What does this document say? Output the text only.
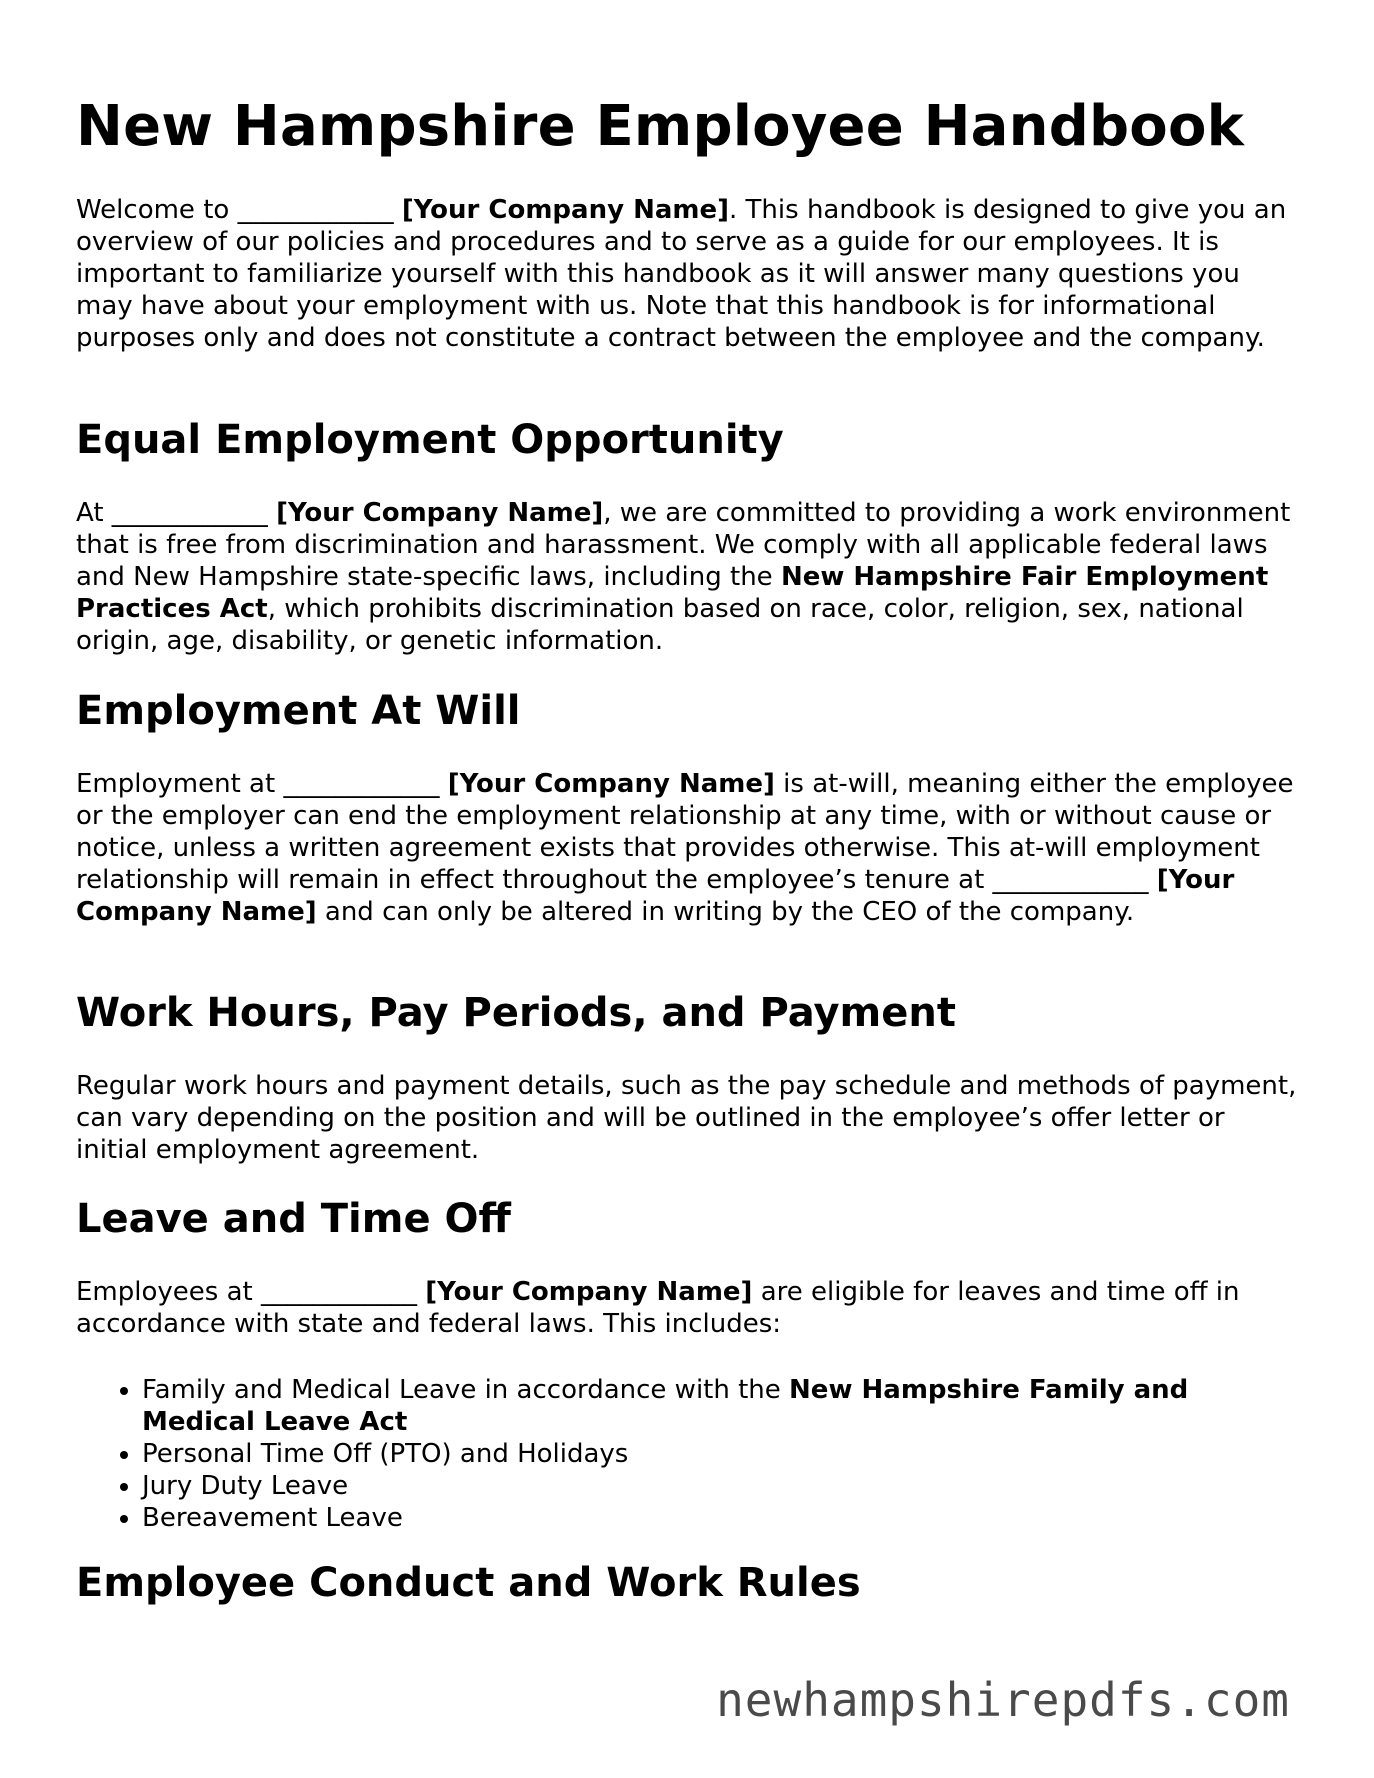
New Hampshire Employee Handbook

Welcome to ____________ [Your Company Name]. This handbook is designed to give you an overview of our policies and procedures and to serve as a guide for our employees. It is important to familiarize yourself with this handbook as it will answer many questions you may have about your employment with us. Note that this handbook is for informational purposes only and does not constitute a contract between the employee and the company.

Equal Employment Opportunity

At ____________ [Your Company Name], we are committed to providing a work environment that is free from discrimination and harassment. We comply with all applicable federal laws and New Hampshire state-specific laws, including the New Hampshire Fair Employment Practices Act, which prohibits discrimination based on race, color, religion, sex, national origin, age, disability, or genetic information.

Employment At Will

Employment at ____________ [Your Company Name] is at-will, meaning either the employee or the employer can end the employment relationship at any time, with or without cause or notice, unless a written agreement exists that provides otherwise. This at-will employment relationship will remain in effect throughout the employee’s tenure at ____________ [Your Company Name] and can only be altered in writing by the CEO of the company.

Work Hours, Pay Periods, and Payment

Regular work hours and payment details, such as the pay schedule and methods of payment, can vary depending on the position and will be outlined in the employee’s offer letter or initial employment agreement.

Leave and Time Off

Employees at ____________ [Your Company Name] are eligible for leaves and time off in accordance with state and federal laws. This includes:

• Family and Medical Leave in accordance with the New Hampshire Family and Medical Leave Act
• Personal Time Off (PTO) and Holidays
• Jury Duty Leave
• Bereavement Leave
Employee Conduct and Work Rules
newhampshirepdfs.com
